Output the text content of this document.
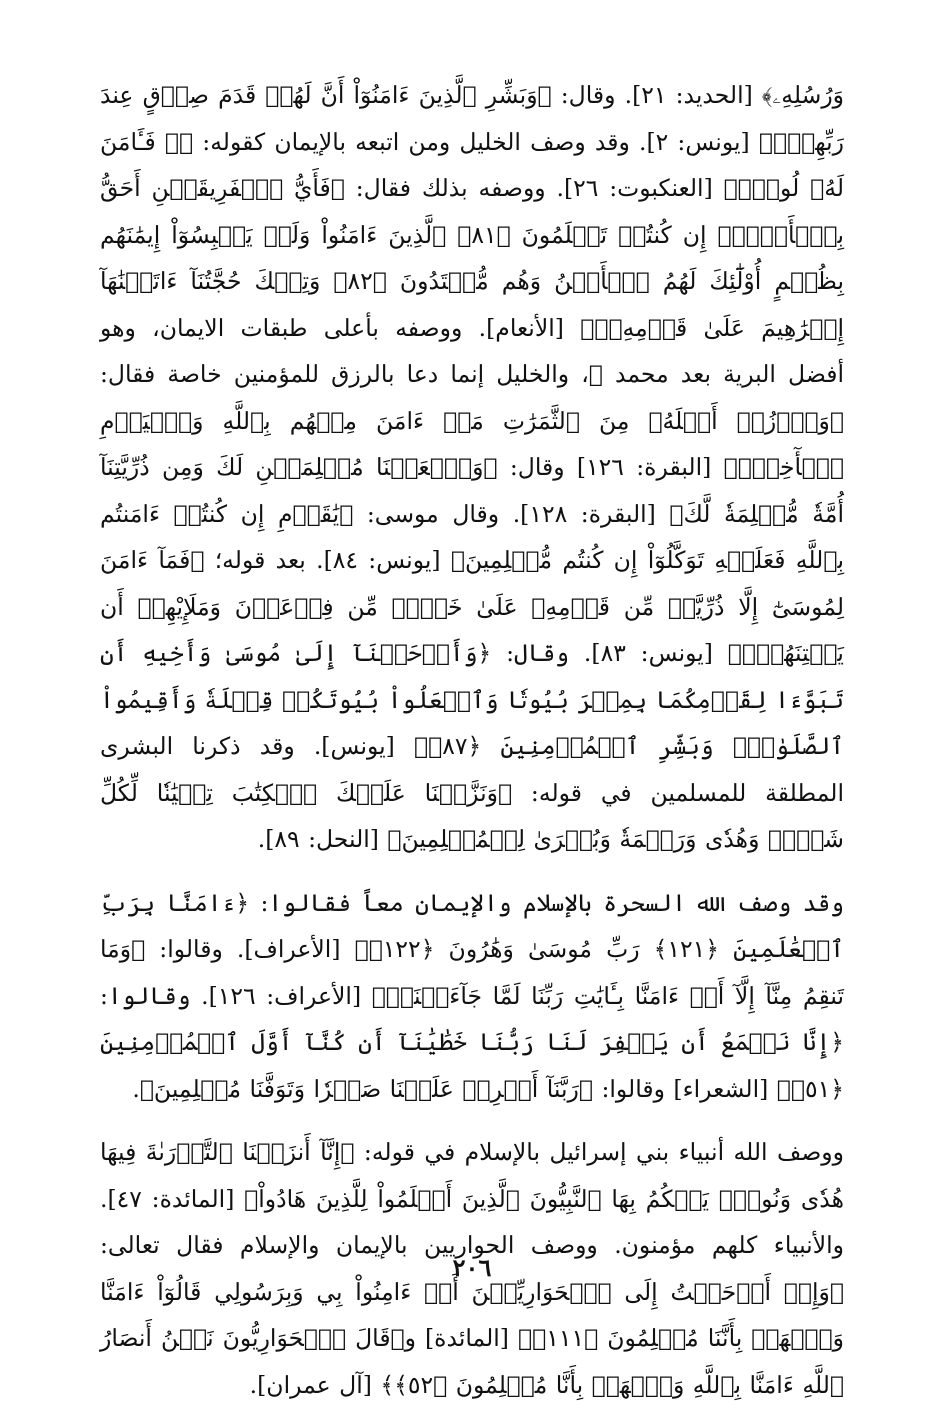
وَرُسُلِهِۦ﴾ [الحديد: ٢١]. وقال: ﴿وَبَشِّرِ ٱلَّذِينَ ءَامَنُوٓاْ أَنَّ لَهُمۡ قَدَمَ صِدۡقٍ عِندَ رَبِّهِمۡۗ﴾ [يونس: ٢]. وقد وصف الخليل ومن اتبعه بالإيمان كقوله: ﴿۞ فَـَٔامَنَ لَهُۥ لُوطٞۘ﴾ [العنكبوت: ٢٦]. ووصفه بذلك فقال: ﴿فَأَيُّ ٱلۡفَرِيقَيۡنِ أَحَقُّ بِٱلۡأَمۡنِۖ إِن كُنتُمۡ تَعۡلَمُونَ ﴿٨١﴾ ٱلَّذِينَ ءَامَنُواْ وَلَمۡ يَلۡبِسُوٓاْ إِيمَٰنَهُم بِظُلۡمٍ أُوْلَٰٓئِكَ لَهُمُ ٱلۡأَمۡنُ وَهُم مُّهۡتَدُونَ ﴿٨٢﴾ وَتِلۡكَ حُجَّتُنَآ ءَاتَيۡنَٰهَآ إِبۡرَٰهِيمَ عَلَىٰ قَوۡمِهِۦۚ﴾ [الأنعام]. ووصفه بأعلى طبقات الايمان، وهو أفضل البرية بعد محمد ﷺ، والخليل إنما دعا بالرزق للمؤمنين خاصة فقال: ﴿وَٱرۡزُقۡ أَهۡلَهُۥ مِنَ ٱلثَّمَرَٰتِ مَنۡ ءَامَنَ مِنۡهُم بِٱللَّهِ وَٱلۡيَوۡمِ ٱلۡأٓخِرِۖ﴾ [البقرة: ١٢٦] وقال: ﴿وَٱجۡعَلۡنَا مُسۡلِمَيۡنِ لَكَ وَمِن ذُرِّيَّتِنَآ أُمَّةٗ مُّسۡلِمَةٗ لَّكَ﴾ [البقرة: ١٢٨]. وقال موسى: ﴿يَٰقَوۡمِ إِن كُنتُمۡ ءَامَنتُم بِٱللَّهِ فَعَلَيۡهِ تَوَكَّلُوٓاْ إِن كُنتُم مُّسۡلِمِينَ﴾ [يونس: ٨٤]. بعد قوله؛ ﴿فَمَآ ءَامَنَ لِمُوسَىٰٓ إِلَّا ذُرِّيَّةٞ مِّن قَوۡمِهِۦ عَلَىٰ خَوۡفٖ مِّن فِرۡعَوۡنَ وَمَلَإِيْهِمۡ أَن يَفۡتِنَهُمۡۚ﴾ [يونس: ٨٣]. وقال: ﴿وَأَوۡحَيۡنَآ إِلَىٰ مُوسَىٰ وَأَخِيهِ أَن تَبَوَّءَا لِقَوۡمِكُمَا بِمِصۡرَ بُيُوتٗا وَٱجۡعَلُواْ بُيُوتَكُمۡ قِبۡلَةٗ وَأَقِيمُواْ ٱلصَّلَوٰةَۗ وَبَشِّرِ ٱلۡمُؤۡمِنِينَ ﴿٨٧﴾﴾ [يونس]. وقد ذكرنا البشرى المطلقة للمسلمين في قوله: ﴿وَنَزَّلۡنَا عَلَيۡكَ ٱلۡكِتَٰبَ تِبۡيَٰنٗا لِّكُلِّ شَيۡءٖ وَهُدٗى وَرَحۡمَةٗ وَبُشۡرَىٰ لِلۡمُسۡلِمِينَ﴾ [النحل: ٨٩].

وقد وصف الله السحرة بالإسلام والإيمان معاً فقالوا: ﴿ءَامَنَّا بِرَبِّ ٱلۡعَٰلَمِينَ ﴿١٢١﴾ رَبِّ مُوسَىٰ وَهَٰرُونَ ﴿١٢٢﴾﴾ [الأعراف]. وقالوا: ﴿وَمَا تَنقِمُ مِنَّآ إِلَّآ أَنۡ ءَامَنَّا بِـَٔايَٰتِ رَبِّنَا لَمَّا جَآءَتۡنَاۚ﴾ [الأعراف: ١٢٦]. وقالوا: ﴿إِنَّا نَطۡمَعُ أَن يَغۡفِرَ لَنَا رَبُّنَا خَطَٰيَٰنَآ أَن كُنَّآ أَوَّلَ ٱلۡمُؤۡمِنِينَ ﴿٥١﴾﴾ [الشعراء] وقالوا: ﴿رَبَّنَآ أَفۡرِغۡ عَلَيۡنَا صَبۡرٗا وَتَوَفَّنَا مُسۡلِمِينَ﴾.

ووصف الله أنبياء بني إسرائيل بالإسلام في قوله: ﴿إِنَّآ أَنزَلۡنَا ٱلتَّوۡرَىٰةَ فِيهَا هُدٗى وَنُورٞۚ يَحۡكُمُ بِهَا ٱلنَّبِيُّونَ ٱلَّذِينَ أَسۡلَمُواْ لِلَّذِينَ هَادُواْ﴾ [المائدة: ٤٧]. والأنبياء كلهم مؤمنون. ووصف الحواريين بالإيمان والإسلام فقال تعالى: ﴿وَإِذۡ أَوۡحَيۡتُ إِلَى ٱلۡحَوَارِيِّـۧنَ أَنۡ ءَامِنُواْ بِي وَبِرَسُولِي قَالُوٓاْ ءَامَنَّا وَٱشۡهَدۡ بِأَنَّنَا مُسۡلِمُونَ ﴿١١١﴾﴾ [المائدة] و﴿قَالَ ٱلۡحَوَارِيُّونَ نَحۡنُ أَنصَارُ ٱللَّهِ ءَامَنَّا بِٱللَّهِ وَٱشۡهَدۡ بِأَنَّا مُسۡلِمُونَ ﴿٥٢﴾﴾ [آل عمران].

٢٠٦
